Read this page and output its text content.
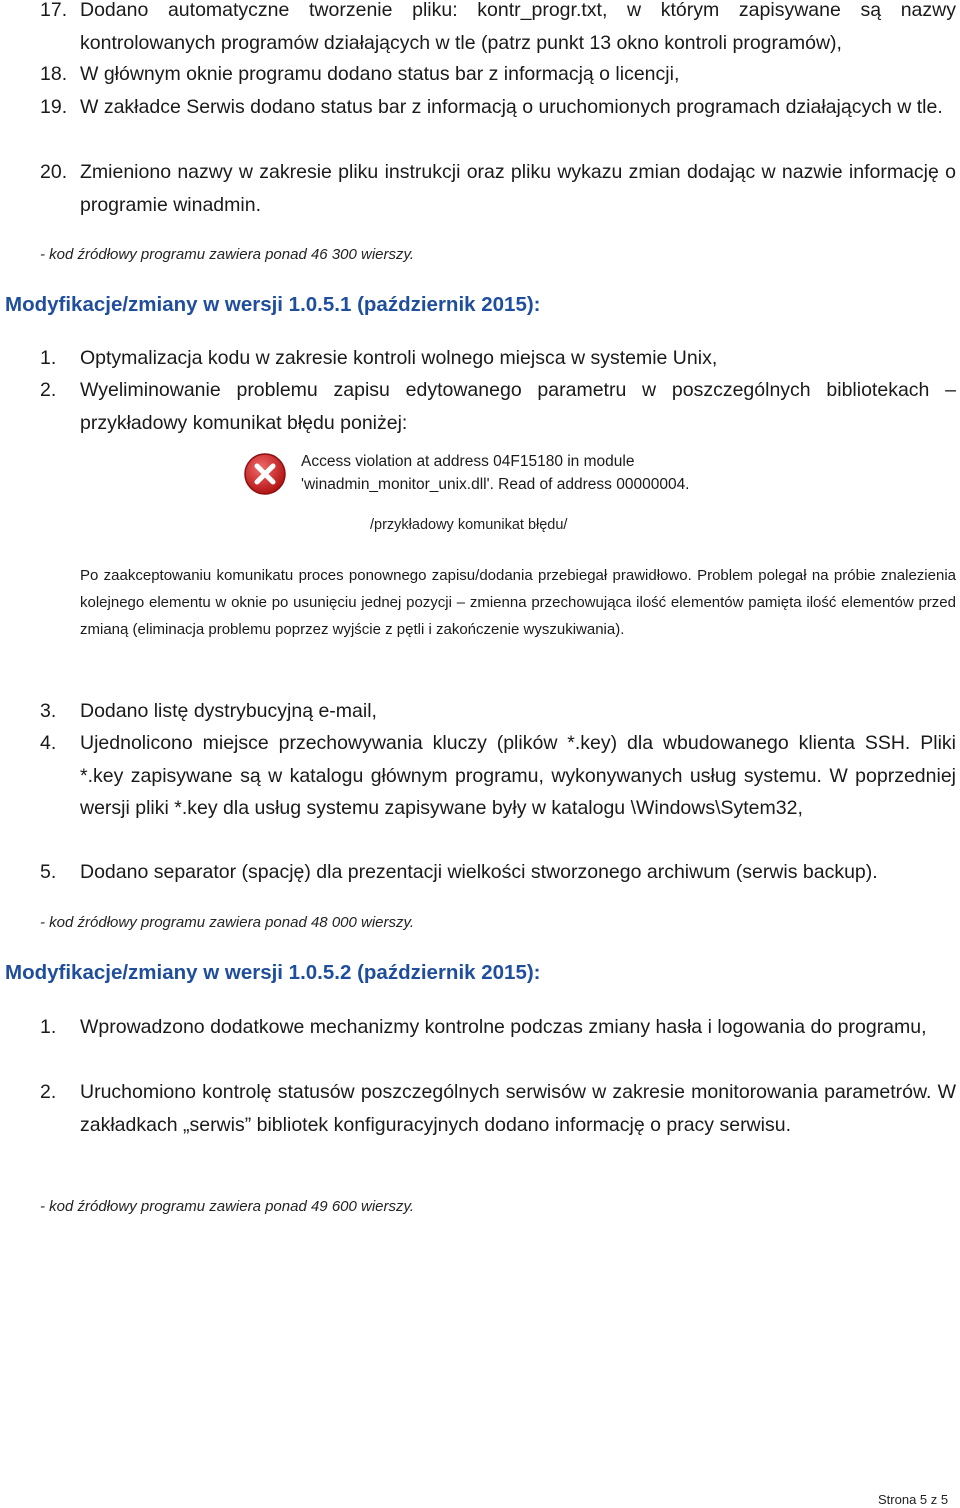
17. Dodano automatyczne tworzenie pliku: kontr_progr.txt, w którym zapisywane są nazwy kontrolowanych programów działających w tle (patrz punkt 13 okno kontroli programów),
18. W głównym oknie programu dodano status bar z informacją o licencji,
19. W zakładce Serwis dodano status bar z informacją o uruchomionych programach działających w tle.
20. Zmieniono nazwy w zakresie pliku instrukcji oraz pliku wykazu zmian dodając w nazwie informację o programie winadmin.
- kod źródłowy programu zawiera ponad 46 300 wierszy.
Modyfikacje/zmiany w wersji 1.0.5.1 (październik 2015):
1. Optymalizacja kodu w zakresie kontroli wolnego miejsca w systemie Unix,
2. Wyeliminowanie problemu zapisu edytowanego parametru w poszczególnych bibliotekach – przykładowy komunikat błędu poniżej:
Access violation at address 04F15180 in module
'winadmin_monitor_unix.dll'. Read of address 00000004.
/przykładowy komunikat błędu/
Po zaakceptowaniu komunikatu proces ponownego zapisu/dodania przebiegał prawidłowo. Problem polegał na próbie znalezienia kolejnego elementu w oknie po usunięciu jednej pozycji – zmienna przechowująca ilość elementów pamięta ilość elementów przed zmianą (eliminacja problemu poprzez wyjście z pętli i zakończenie wyszukiwania).
3. Dodano listę dystrybucyjną e-mail,
4. Ujednolicono miejsce przechowywania kluczy (plików *.key) dla wbudowanego klienta SSH. Pliki *.key zapisywane są w katalogu głównym programu, wykonywanych usług systemu. W poprzedniej wersji pliki *.key dla usług systemu zapisywane były w katalogu \Windows\Sytem32,
5. Dodano separator (spację) dla prezentacji wielkości stworzonego archiwum (serwis backup).
- kod źródłowy programu zawiera ponad 48 000 wierszy.
Modyfikacje/zmiany w wersji 1.0.5.2 (październik 2015):
1. Wprowadzono dodatkowe mechanizmy kontrolne podczas zmiany hasła i logowania do programu,
2. Uruchomiono kontrolę statusów poszczególnych serwisów w zakresie monitorowania parametrów. W zakładkach „serwis” bibliotek konfiguracyjnych dodano informację o pracy serwisu.
- kod źródłowy programu zawiera ponad 49 600 wierszy.
Strona 5 z 5
